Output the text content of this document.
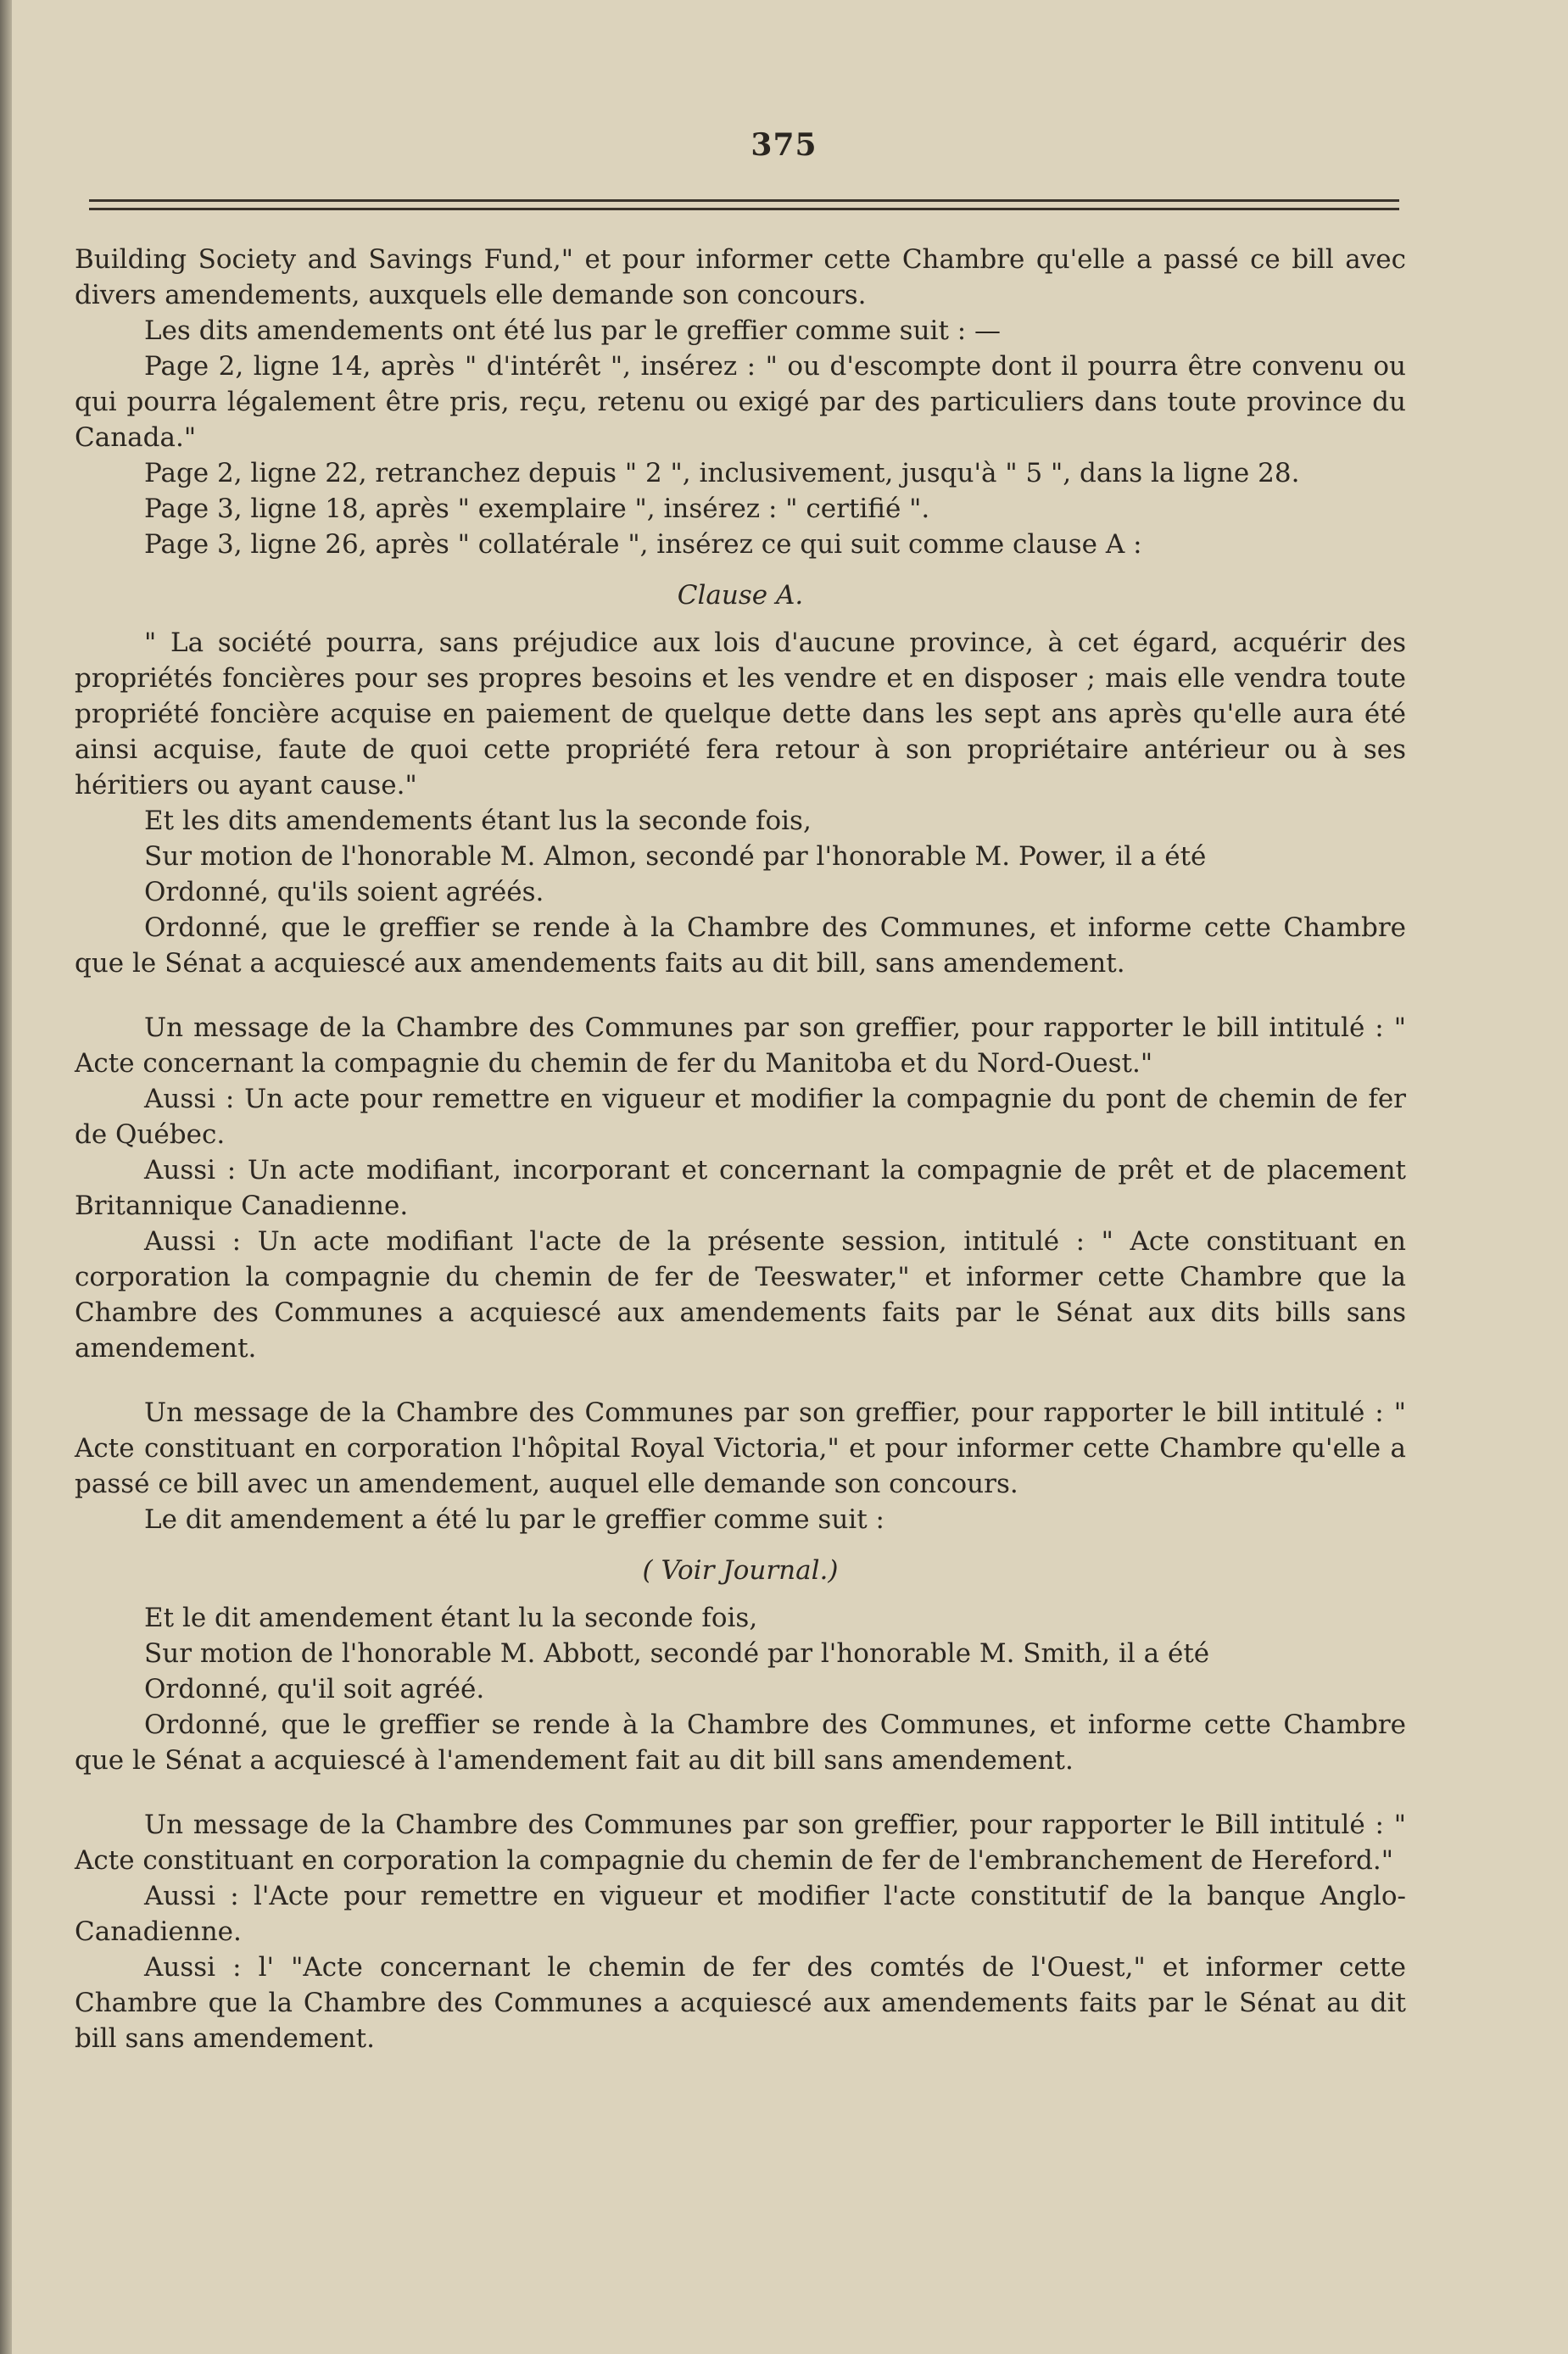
375

Building Society and Savings Fund," et pour informer cette Chambre qu'elle a passé ce bill avec divers amendements, auxquels elle demande son concours.

Les dits amendements ont été lus par le greffier comme suit : —

Page 2, ligne 14, après " d'intérêt ", insérez : " ou d'escompte dont il pourra être convenu ou qui pourra légalement être pris, reçu, retenu ou exigé par des particuliers dans toute province du Canada."

Page 2, ligne 22, retranchez depuis " 2 ", inclusivement, jusqu'à " 5 ", dans la ligne 28.

Page 3, ligne 18, après " exemplaire ", insérez : " certifié ".

Page 3, ligne 26, après " collatérale ", insérez ce qui suit comme clause A :

Clause A.

" La société pourra, sans préjudice aux lois d'aucune province, à cet égard, acquérir des propriétés foncières pour ses propres besoins et les vendre et en disposer ; mais elle vendra toute propriété foncière acquise en paiement de quelque dette dans les sept ans après qu'elle aura été ainsi acquise, faute de quoi cette propriété fera retour à son propriétaire antérieur ou à ses héritiers ou ayant cause."

Et les dits amendements étant lus la seconde fois,

Sur motion de l'honorable M. Almon, secondé par l'honorable M. Power, il a été

Ordonné, qu'ils soient agréés.

Ordonné, que le greffier se rende à la Chambre des Communes, et informe cette Chambre que le Sénat a acquiescé aux amendements faits au dit bill, sans amendement.

Un message de la Chambre des Communes par son greffier, pour rapporter le bill intitulé : " Acte concernant la compagnie du chemin de fer du Manitoba et du Nord-Ouest."

Aussi : Un acte pour remettre en vigueur et modifier la compagnie du pont de chemin de fer de Québec.

Aussi : Un acte modifiant, incorporant et concernant la compagnie de prêt et de placement Britannique Canadienne.

Aussi : Un acte modifiant l'acte de la présente session, intitulé : " Acte constituant en corporation la compagnie du chemin de fer de Teeswater," et informer cette Chambre que la Chambre des Communes a acquiescé aux amendements faits par le Sénat aux dits bills sans amendement.

Un message de la Chambre des Communes par son greffier, pour rapporter le bill intitulé : " Acte constituant en corporation l'hôpital Royal Victoria," et pour informer cette Chambre qu'elle a passé ce bill avec un amendement, auquel elle demande son concours.

Le dit amendement a été lu par le greffier comme suit :

( Voir Journal.)

Et le dit amendement étant lu la seconde fois,

Sur motion de l'honorable M. Abbott, secondé par l'honorable M. Smith, il a été

Ordonné, qu'il soit agréé.

Ordonné, que le greffier se rende à la Chambre des Communes, et informe cette Chambre que le Sénat a acquiescé à l'amendement fait au dit bill sans amendement.

Un message de la Chambre des Communes par son greffier, pour rapporter le Bill intitulé : " Acte constituant en corporation la compagnie du chemin de fer de l'embranchement de Hereford."

Aussi : l'Acte pour remettre en vigueur et modifier l'acte constitutif de la banque Anglo-Canadienne.

Aussi : l' "Acte concernant le chemin de fer des comtés de l'Ouest," et informer cette Chambre que la Chambre des Communes a acquiescé aux amendements faits par le Sénat au dit bill sans amendement.
